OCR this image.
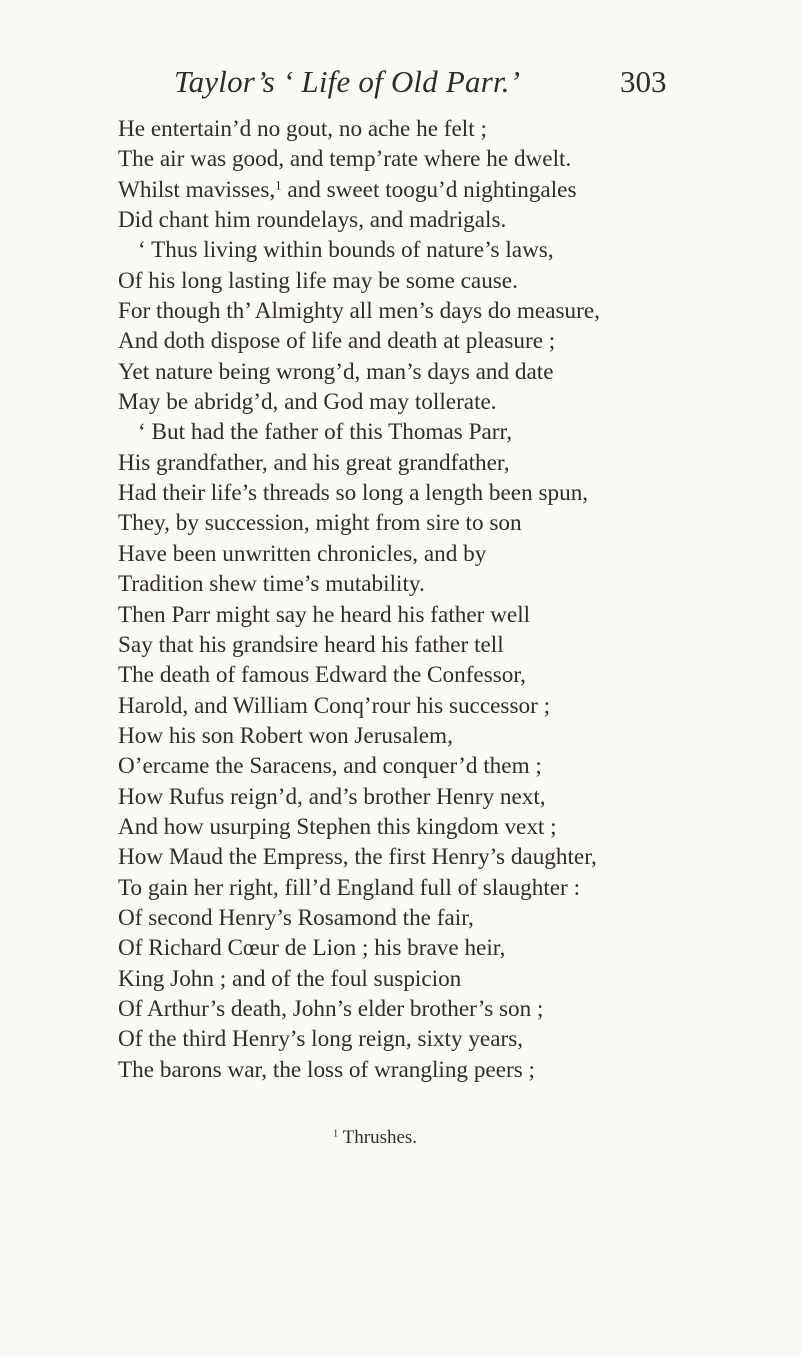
Taylor’s ‘ Life of Old Parr.’	303
He entertain’d no gout, no ache he felt ;
The air was good, and temp’rate where he dwelt.
Whilst mavisses,$^1$ and sweet toogu’d nightingales
Did chant him roundelays, and madrigals.
‘ Thus living within bounds of nature’s laws,
Of his long lasting life may be some cause.
For though th’ Almighty all men’s days do measure,
And doth dispose of life and death at pleasure ;
Yet nature being wrong’d, man’s days and date
May be abridg’d, and God may tollerate.
‘ But had the father of this Thomas Parr,
His grandfather, and his great grandfather,
Had their life’s threads so long a length been spun,
They, by succession, might from sire to son
Have been unwritten chronicles, and by
Tradition shew time’s mutability.
Then Parr might say he heard his father well
Say that his grandsire heard his father tell
The death of famous Edward the Confessor,
Harold, and William Conq’rour his successor ;
How his son Robert won Jerusalem,
O’ercame the Saracens, and conquer’d them ;
How Rufus reign’d, and’s brother Henry next,
And how usurping Stephen this kingdom vext ;
How Maud the Empress, the first Henry’s daughter,
To gain her right, fill’d England full of slaughter :
Of second Henry’s Rosamond the fair,
Of Richard Cœur de Lion ; his brave heir,
King John ; and of the foul suspicion
Of Arthur’s death, John’s elder brother’s son ;
Of the third Henry’s long reign, sixty years,
The barons war, the loss of wrangling peers ;
$^1$ Thrushes.
